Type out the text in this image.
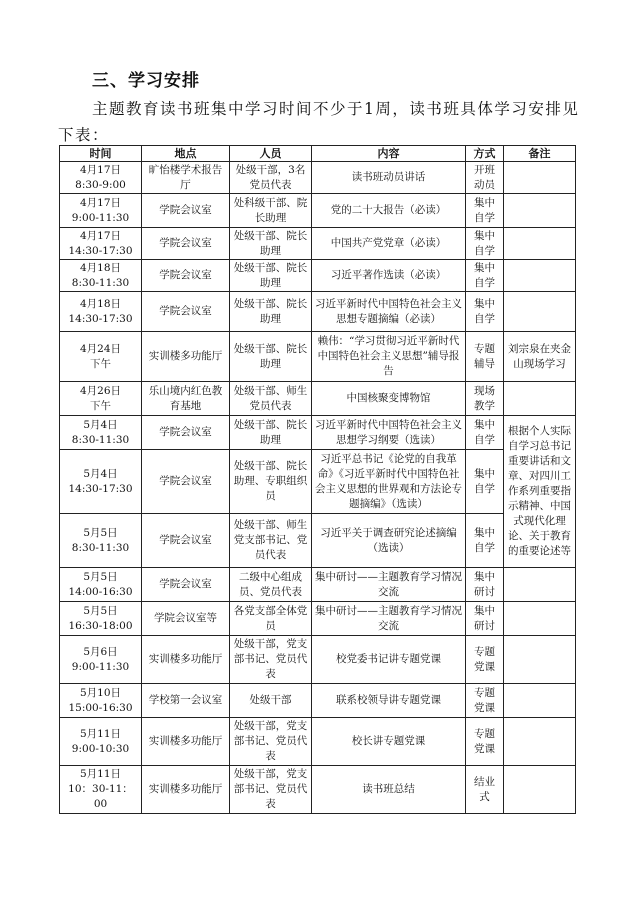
三、学习安排
主题教育读书班集中学习时间不少于1周，读书班具体学习安排见下表：
时间	地点	人员	内容	方式	备注
4月17日
8:30-9:00	旷怡楼学术报告厅	处级干部，3名党员代表	读书班动员讲话	开班动员	
4月17日
9:00-11:30	学院会议室	处科级干部、院长助理	党的二十大报告（必读）	集中自学	
4月17日
14:30-17:30	学院会议室	处级干部、院长助理	中国共产党党章（必读）	集中自学	
4月18日
8:30-11:30	学院会议室	处级干部、院长助理	习近平著作选读（必读）	集中自学	
4月18日
14:30-17:30	学院会议室	处级干部、院长助理	习近平新时代中国特色社会主义思想专题摘编（必读）	集中自学	
4月24日
下午	实训楼多功能厅	处级干部、院长助理	赖伟：“学习贯彻习近平新时代中国特色社会主义思想”辅导报告	专题辅导	刘宗泉在夹金山现场学习
4月26日
下午	乐山境内红色教育基地	处级干部、师生党员代表	中国核聚变博物馆	现场教学	
5月4日
8:30-11:30	学院会议室	处级干部、院长助理	习近平新时代中国特色社会主义思想学习纲要（选读）	集中自学	根据个人实际自学习总书记重要讲话和文章、对四川工作系列重要指示精神、中国式现代化理论、关于教育的重要论述等
5月4日
14:30-17:30	学院会议室	处级干部、院长助理、专职组织员	习近平总书记《论党的自我革命》《习近平新时代中国特色社会主义思想的世界观和方法论专题摘编》（选读）	集中自学	
5月5日
8:30-11:30	学院会议室	处级干部、师生党支部书记、党员代表	习近平关于调查研究论述摘编（选读）	集中自学	
5月5日
14:00-16:30	学院会议室	二级中心组成员、党员代表	集中研讨——主题教育学习情况交流	集中研讨	
5月5日
16:30-18:00	学院会议室等	各党支部全体党员	集中研讨——主题教育学习情况交流	集中研讨	
5月6日
9:00-11:30	实训楼多功能厅	处级干部，党支部书记、党员代表	校党委书记讲专题党课	专题党课	
5月10日
15:00-16:30	学校第一会议室	处级干部	联系校领导讲专题党课	专题党课	
5月11日
9:00-10:30	实训楼多功能厅	处级干部，党支部书记、党员代表	校长讲专题党课	专题党课	
5月11日
10：30-11：00	实训楼多功能厅	处级干部，党支部书记、党员代表	读书班总结	结业式	
